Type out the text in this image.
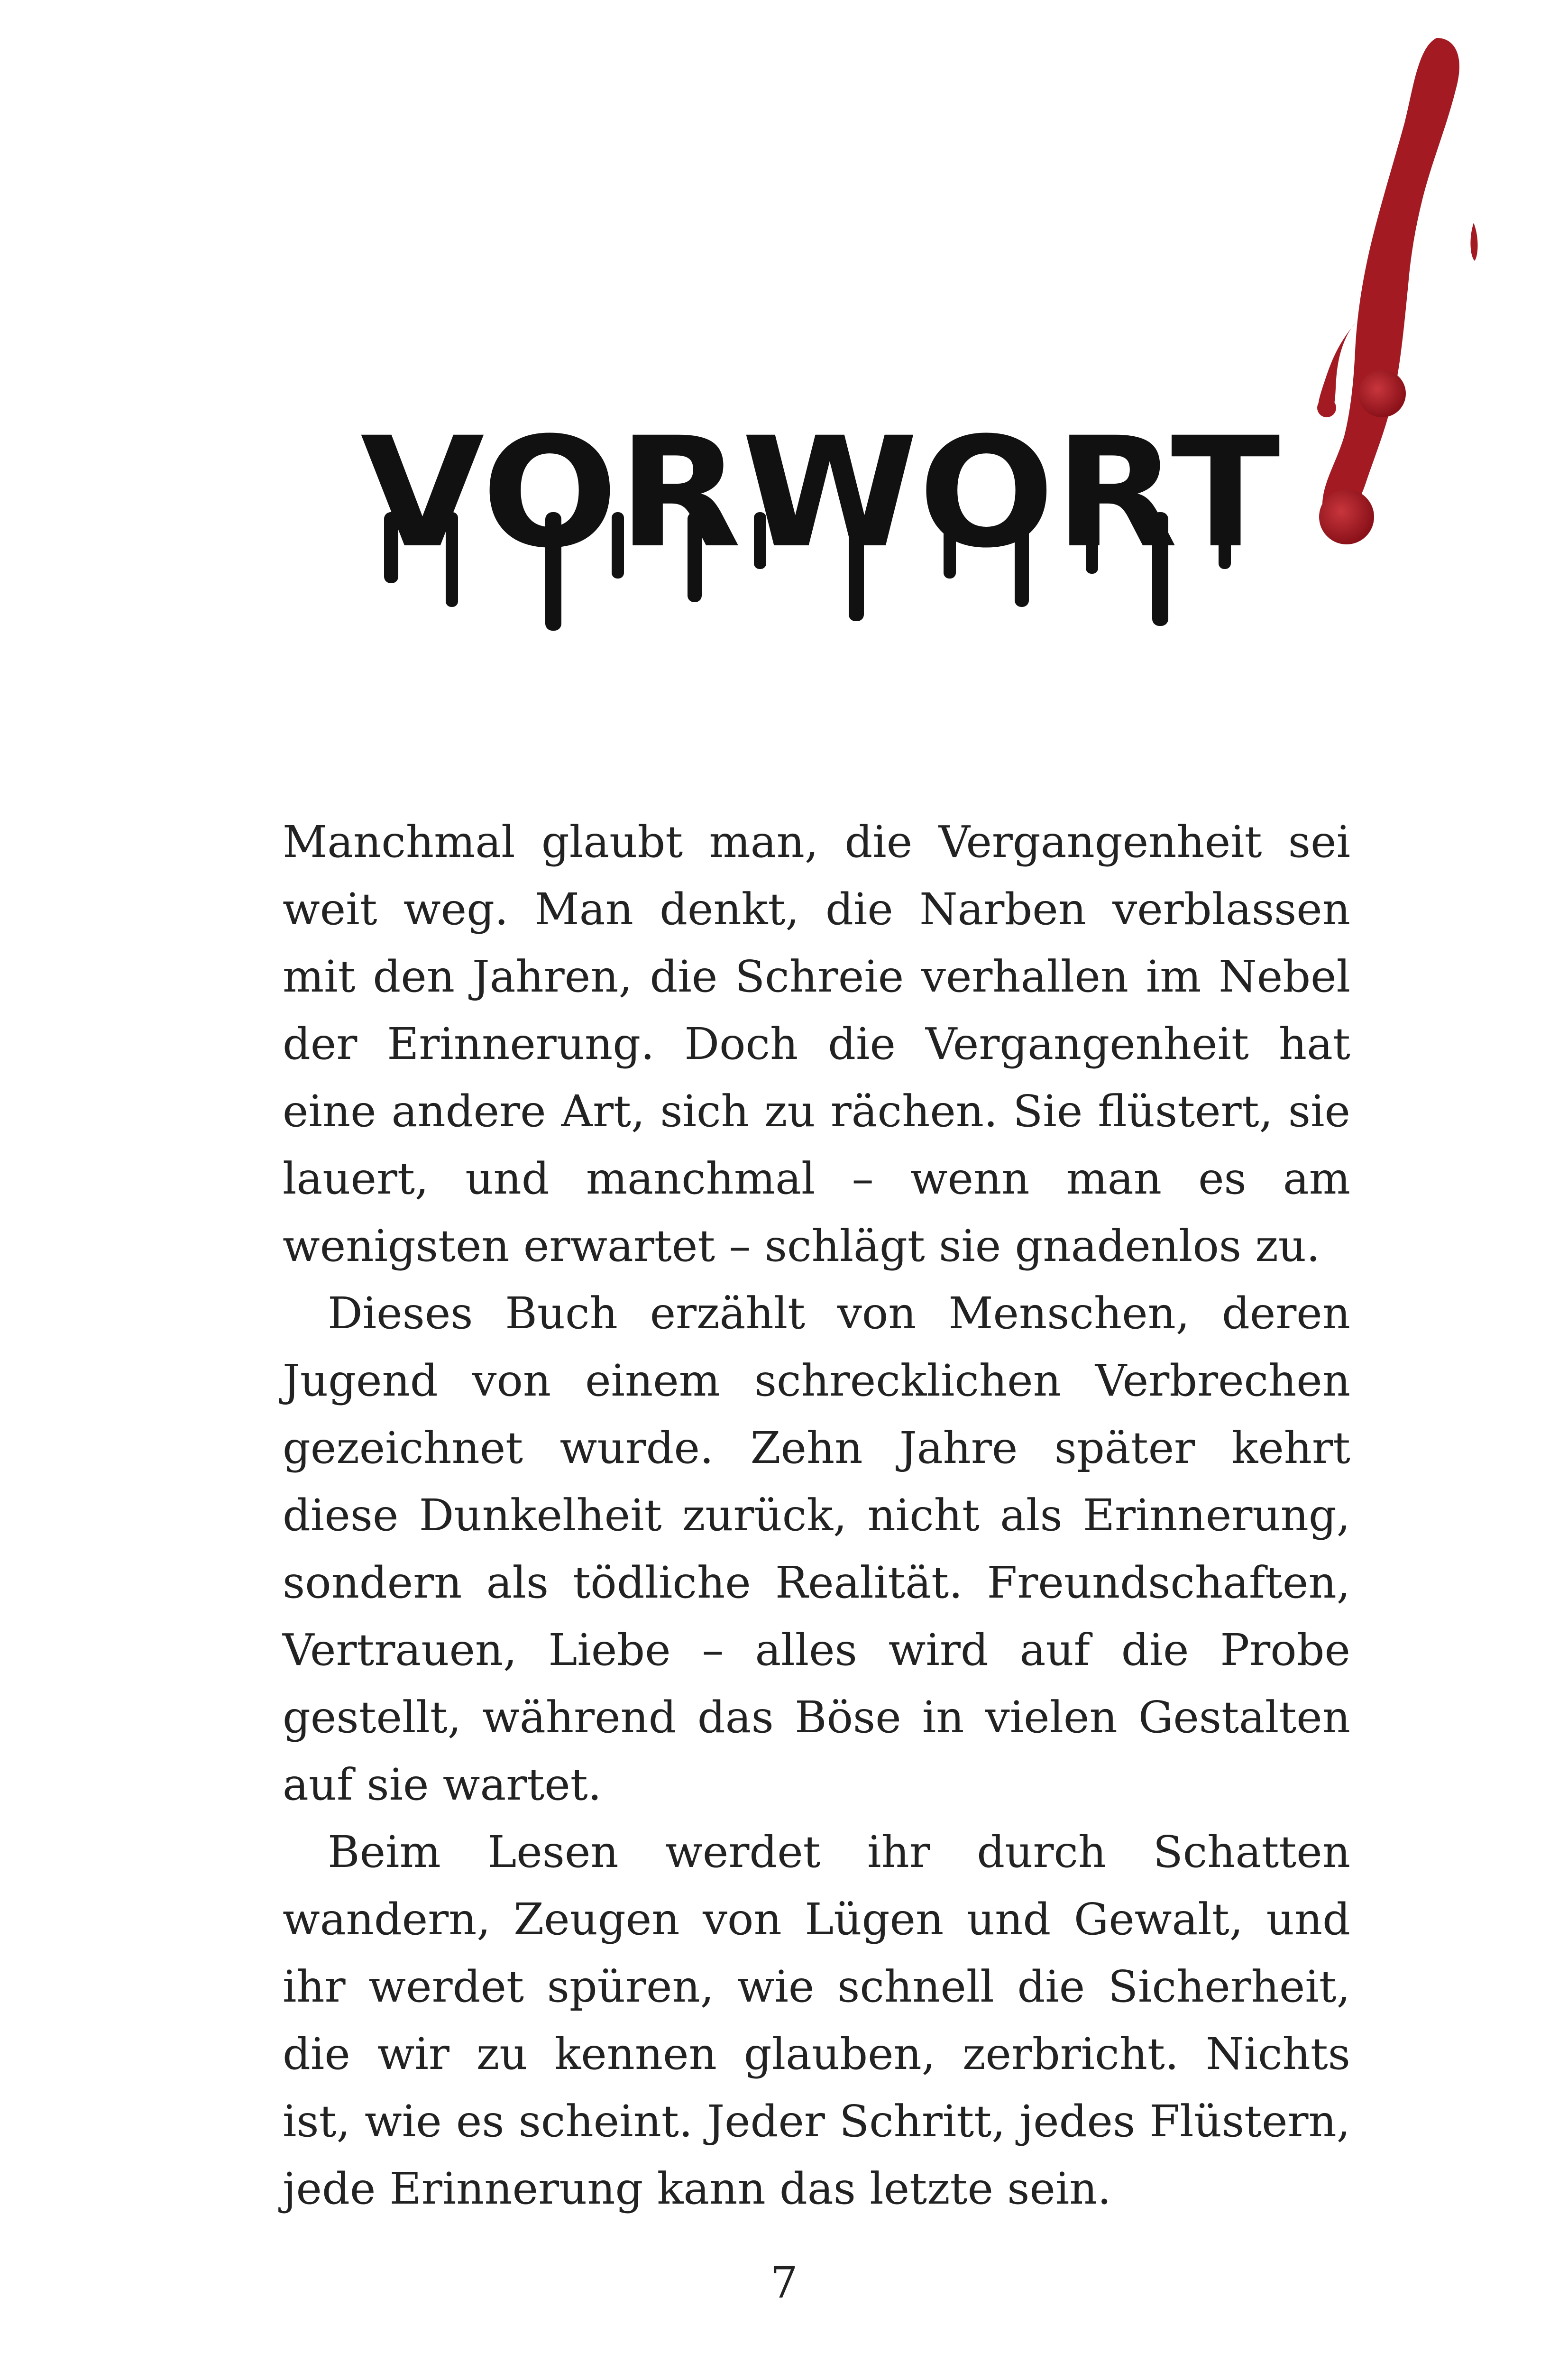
VORWORT

Manchmal glaubt man, die Vergangenheit sei weit weg. Man denkt, die Narben verblassen mit den Jahren, die Schreie verhallen im Nebel der Erinnerung. Doch die Vergangenheit hat eine andere Art, sich zu rächen. Sie flüstert, sie lauert, und manchmal – wenn man es am wenigsten erwartet – schlägt sie gnadenlos zu.

Dieses Buch erzählt von Menschen, deren Jugend von einem schrecklichen Verbrechen gezeichnet wurde. Zehn Jahre später kehrt diese Dunkelheit zurück, nicht als Erinnerung, sondern als tödliche Realität. Freundschaften, Vertrauen, Liebe – alles wird auf die Probe gestellt, während das Böse in vielen Gestalten auf sie wartet.

Beim Lesen werdet ihr durch Schatten wandern, Zeugen von Lügen und Gewalt, und ihr werdet spüren, wie schnell die Sicherheit, die wir zu kennen glauben, zerbricht. Nichts ist, wie es scheint. Jeder Schritt, jedes Flüstern, jede Erinnerung kann das letzte sein.

7
